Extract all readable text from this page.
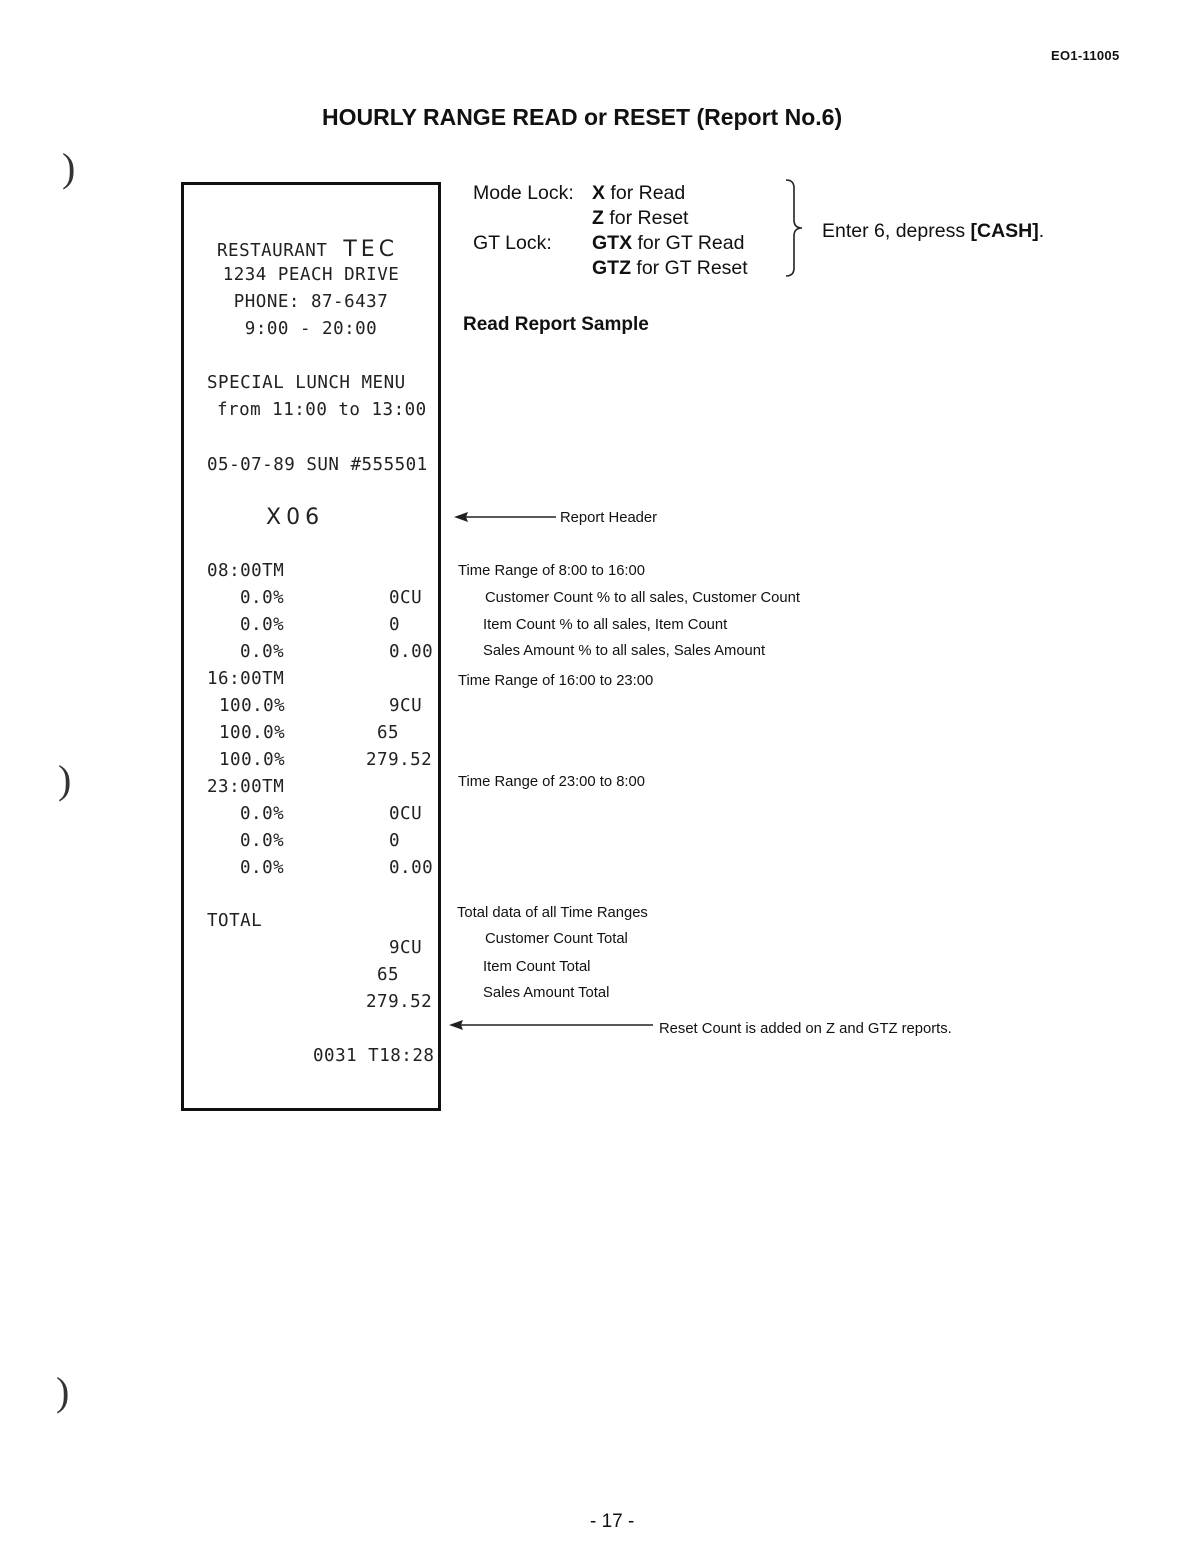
EO1-11005
HOURLY RANGE READ or RESET (Report No.6)
)
)
)
RESTAURANT TEC
1234 PEACH DRIVE
PHONE: 87-6437
9:00 - 20:00
SPECIAL LUNCH MENU
from 11:00 to 13:00
05-07-89 SUN #555501
X06
08:00TM
0.0%	0CU
0.0%	0
0.0%	0.00
16:00TM
100.0%	9CU
100.0%	65
100.0%	279.52
23:00TM
0.0%	0CU
0.0%	0
0.0%	0.00
TOTAL
9CU
65
279.52
0031 T18:28
Mode Lock: X for Read
Z for Reset
GT Lock: GTX for GT Read
GTZ for GT Reset
Enter 6, depress [CASH].
Read Report Sample
Report Header
Time Range of 8:00 to 16:00
Customer Count % to all sales, Customer Count
Item Count % to all sales, Item Count
Sales Amount % to all sales, Sales Amount
Time Range of 16:00 to 23:00
Time Range of 23:00 to 8:00
Total data of all Time Ranges
Customer Count Total
Item Count Total
Sales Amount Total
Reset Count is added on Z and GTZ reports.
- 17 -
